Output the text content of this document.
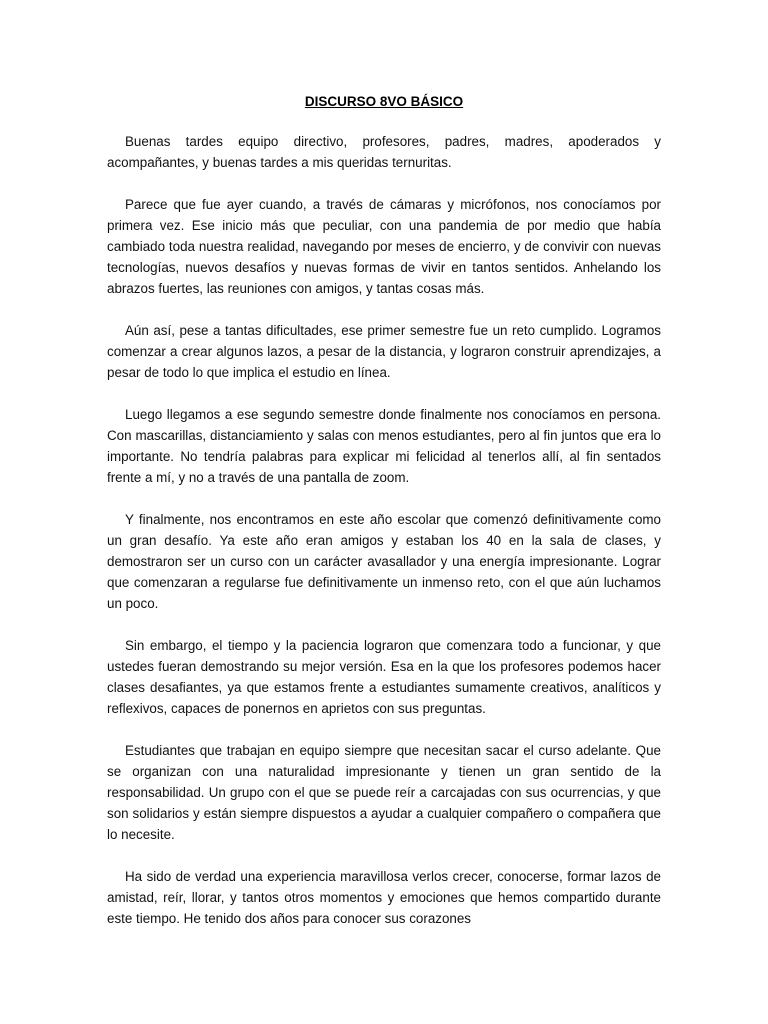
DISCURSO 8VO BÁSICO

Buenas tardes equipo directivo, profesores, padres, madres, apoderados y acompañantes, y buenas tardes a mis queridas ternuritas.

Parece que fue ayer cuando, a través de cámaras y micrófonos, nos conocíamos por primera vez. Ese inicio más que peculiar, con una pandemia de por medio que había cambiado toda nuestra realidad, navegando por meses de encierro, y de convivir con nuevas tecnologías, nuevos desafíos y nuevas formas de vivir en tantos sentidos. Anhelando los abrazos fuertes, las reuniones con amigos, y tantas cosas más.

Aún así, pese a tantas dificultades, ese primer semestre fue un reto cumplido. Logramos comenzar a crear algunos lazos, a pesar de la distancia, y lograron construir aprendizajes, a pesar de todo lo que implica el estudio en línea.

Luego llegamos a ese segundo semestre donde finalmente nos conocíamos en persona. Con mascarillas, distanciamiento y salas con menos estudiantes, pero al fin juntos que era lo importante. No tendría palabras para explicar mi felicidad al tenerlos allí, al fin sentados frente a mí, y no a través de una pantalla de zoom.

Y finalmente, nos encontramos en este año escolar que comenzó definitivamente como un gran desafío. Ya este año eran amigos y estaban los 40 en la sala de clases, y demostraron ser un curso con un carácter avasallador y una energía impresionante. Lograr que comenzaran a regularse fue definitivamente un inmenso reto, con el que aún luchamos un poco.

Sin embargo, el tiempo y la paciencia lograron que comenzara todo a funcionar, y que ustedes fueran demostrando su mejor versión. Esa en la que los profesores podemos hacer clases desafiantes, ya que estamos frente a estudiantes sumamente creativos, analíticos y reflexivos, capaces de ponernos en aprietos con sus preguntas.

Estudiantes que trabajan en equipo siempre que necesitan sacar el curso adelante. Que se organizan con una naturalidad impresionante y tienen un gran sentido de la responsabilidad. Un grupo con el que se puede reír a carcajadas con sus ocurrencias, y que son solidarios y están siempre dispuestos a ayudar a cualquier compañero o compañera que lo necesite.

Ha sido de verdad una experiencia maravillosa verlos crecer, conocerse, formar lazos de amistad, reír, llorar, y tantos otros momentos y emociones que hemos compartido durante este tiempo. He tenido dos años para conocer sus corazones
